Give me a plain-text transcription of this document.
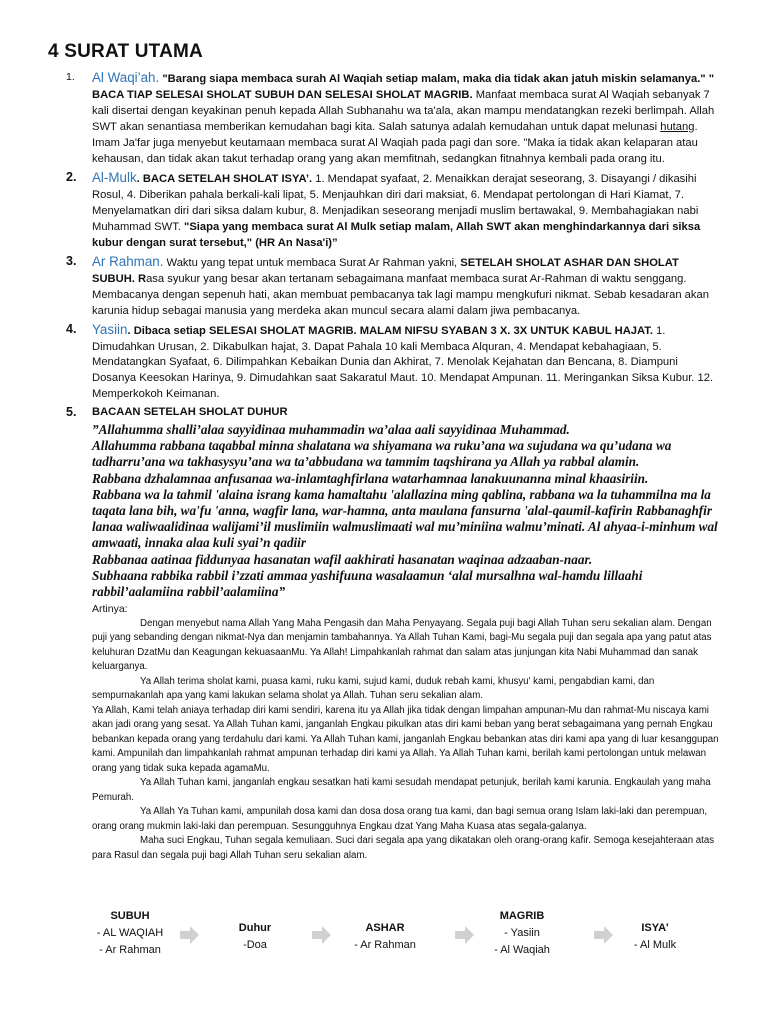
4 SURAT UTAMA
1. Al Waqi’ah. "Barang siapa membaca surah Al Waqiah setiap malam, maka dia tidak akan jatuh miskin selamanya." " BACA TIAP SELESAI SHOLAT SUBUH DAN SELESAI SHOLAT MAGRIB. Manfaat membaca surat Al Waqiah sebanyak 7 kali disertai dengan keyakinan penuh kepada Allah Subhanahu wa ta'ala, akan mampu mendatangkan rezeki berlimpah. Allah SWT akan senantiasa memberikan kemudahan bagi kita. Salah satunya adalah kemudahan untuk dapat melunasi hutang. Imam Ja'far juga menyebut keutamaan membaca surat Al Waqiah pada pagi dan sore. "Maka ia tidak akan kelaparan atau kehausan, dan tidak akan takut terhadap orang yang akan memfitnah, sedangkan fitnahnya kembali pada orang itu.
2. Al-Mulk. BACA SETELAH SHOLAT ISYA’. 1. Mendapat syafaat, 2. Menaikkan derajat seseorang, 3. Disayangi / dikasihi Rosul, 4. Diberikan pahala berkali-kali lipat, 5. Menjauhkan diri dari maksiat, 6. Mendapat pertolongan di Hari Kiamat, 7. Menyelamatkan diri dari siksa dalam kubur, 8. Menjadikan seseorang menjadi muslim bertawakal, 9. Membahagiakan nabi Muhammad SWT. "Siapa yang membaca surat Al Mulk setiap malam, Allah SWT akan menghindarkannya dari siksa kubur dengan surat tersebut," (HR An Nasa'i)”
3. Ar Rahman. Waktu yang tepat untuk membaca Surat Ar Rahman yakni, SETELAH SHOLAT ASHAR DAN SHOLAT SUBUH. Rasa syukur yang besar akan tertanam sebagaimana manfaat membaca surat Ar-Rahman di waktu senggang. Membacanya dengan sepenuh hati, akan membuat pembacanya tak lagi mampu mengkufuri nikmat. Sebab kesadaran akan karunia hidup sebagai manusia yang merdeka akan muncul secara alami dalam jiwa pembacanya.
4. Yasiin. Dibaca setiap SELESAI SHOLAT MAGRIB. MALAM NIFSU SYABAN 3 X. 3X UNTUK KABUL HAJAT. 1. Dimudahkan Urusan, 2. Dikabulkan hajat, 3. Dapat Pahala 10 kali Membaca Alquran, 4. Mendapat kebahagiaan, 5. Mendatangkan Syafaat, 6. Dilimpahkan Kebaikan Dunia dan Akhirat, 7. Menolak Kejahatan dan Bencana, 8. Diampuni Dosanya Keesokan Harinya, 9. Dimudahkan saat Sakaratul Maut. 10. Mendapat Ampunan. 11. Meringankan Siksa Kubur. 12. Memperkokoh Keimanan.
5. BACAAN SETELAH SHOLAT DUHUR

”Allahumma shalli’alaa sayyidinaa muhammadin wa’alaa aali sayyidinaa Muhammad.

Allahumma rabbana taqabbal minna shalatana wa shiyamana wa ruku’ana wa sujudana wa qu’udana wa tadharru’ana wa takhasysyu’ana wa ta’abbudana wa tammim taqshirana ya Allah ya rabbal alamin.

Rabbana dzhalamnaa anfusanaa wa-inlamtaghfirlana watarhamnaa lanakuunanna minal khaasiriin.

Rabbana wa la tahmil 'alaina israng kama hamaltahu 'alallazina ming qablina, rabbana wa la tuhammilna ma la taqata lana bih, wa'fu 'anna, wagfir lana, war-hamna, anta maulana fansurna 'alal-qaumil-kafirin Rabbanaghfir lanaa waliwaalidinaa walijami’il muslimiin walmuslimaati wal mu’miniina walmu’minati. Al ahyaa-i-minhum wal amwaati, innaka alaa kuli syai’n qadiir

Rabbanaa aatinaa fiddunyaa hasanatan wafil aakhirati hasanatan waqinaa adzaaban-naar.

Subhaana rabbika rabbil i’zzati ammaa yashifuuna wasalaamun ‘alal mursalhna wal-hamdu lillaahi rabbil’aalamiina rabbil’aalamiina”

Artinya:

Dengan menyebut nama Allah Yang Maha Pengasih dan Maha Penyayang. Segala puji bagi Allah Tuhan seru sekalian alam. Dengan puji yang sebanding dengan nikmat-Nya dan menjamin tambahannya. Ya Allah Tuhan Kami, bagi-Mu segala puji dan segala apa yang patut atas keluhuran DzatMu dan Keagungan kekuasaanMu. Ya Allah! Limpahkanlah rahmat dan salam atas junjungan kita Nabi Muhammad dan sanak keluarganya.

Ya Allah terima sholat kami, puasa kami, ruku kami, sujud kami, duduk rebah kami, khusyu' kami, pengabdian kami, dan sempurnakanlah apa yang kami lakukan selama sholat ya Allah. Tuhan seru sekalian alam.

Ya Allah, Kami telah aniaya terhadap diri kami sendiri, karena itu ya Allah jika tidak dengan limpahan ampunan-Mu dan rahmat-Mu niscaya kami akan jadi orang yang sesat. Ya Allah Tuhan kami, janganlah Engkau pikulkan atas diri kami beban yang berat sebagaimana yang pernah Engkau bebankan kepada orang yang terdahulu dari kami. Ya Allah Tuhan kami, janganlah Engkau bebankan atas diri kami apa yang di luar kesanggupan kami. Ampunilah dan limpahkanlah rahmat ampunan terhadap diri kami ya Allah. Ya Allah Tuhan kami, berilah kami pertolongan untuk melawan orang yang tidak suka kepada agamaMu.

Ya Allah Tuhan kami, janganlah engkau sesatkan hati kami sesudah mendapat petunjuk, berilah kami karunia. Engkaulah yang maha Pemurah.

Ya Allah Ya Tuhan kami, ampunilah dosa kami dan dosa dosa orang tua kami, dan bagi semua orang Islam laki-laki dan perempuan, orang orang mukmin laki-laki dan perempuan. Sesungguhnya Engkau dzat Yang Maha Kuasa atas segala-galanya.

Maha suci Engkau, Tuhan segala kemuliaan. Suci dari segala apa yang dikatakan oleh orang-orang kafir. Semoga kesejahteraan atas para Rasul dan segala puji bagi Allah Tuhan seru sekalian alam.

SUBUH
- AL WAQIAH
- Ar Rahman
Duhur
-Doa
ASHAR
- Ar Rahman
MAGRIB
- Yasiin
- Al Waqiah
ISYA'
- Al Mulk
